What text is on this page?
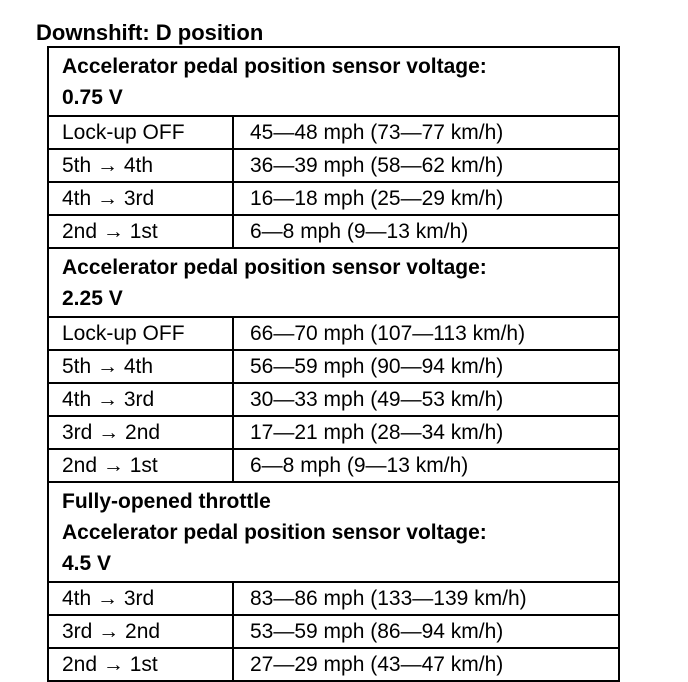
Downshift: D position
Accelerator pedal position sensor voltage:
0.75 V
Lock-up OFF	45—48 mph (73—77 km/h)
5th → 4th	36—39 mph (58—62 km/h)
4th → 3rd	16—18 mph (25—29 km/h)
2nd → 1st	6—8 mph (9—13 km/h)
Accelerator pedal position sensor voltage:
2.25 V
Lock-up OFF	66—70 mph (107—113 km/h)
5th → 4th	56—59 mph (90—94 km/h)
4th → 3rd	30—33 mph (49—53 km/h)
3rd → 2nd	17—21 mph (28—34 km/h)
2nd → 1st	6—8 mph (9—13 km/h)
Fully-opened throttle
Accelerator pedal position sensor voltage:
4.5 V
4th → 3rd	83—86 mph (133—139 km/h)
3rd → 2nd	53—59 mph (86—94 km/h)
2nd → 1st	27—29 mph (43—47 km/h)
